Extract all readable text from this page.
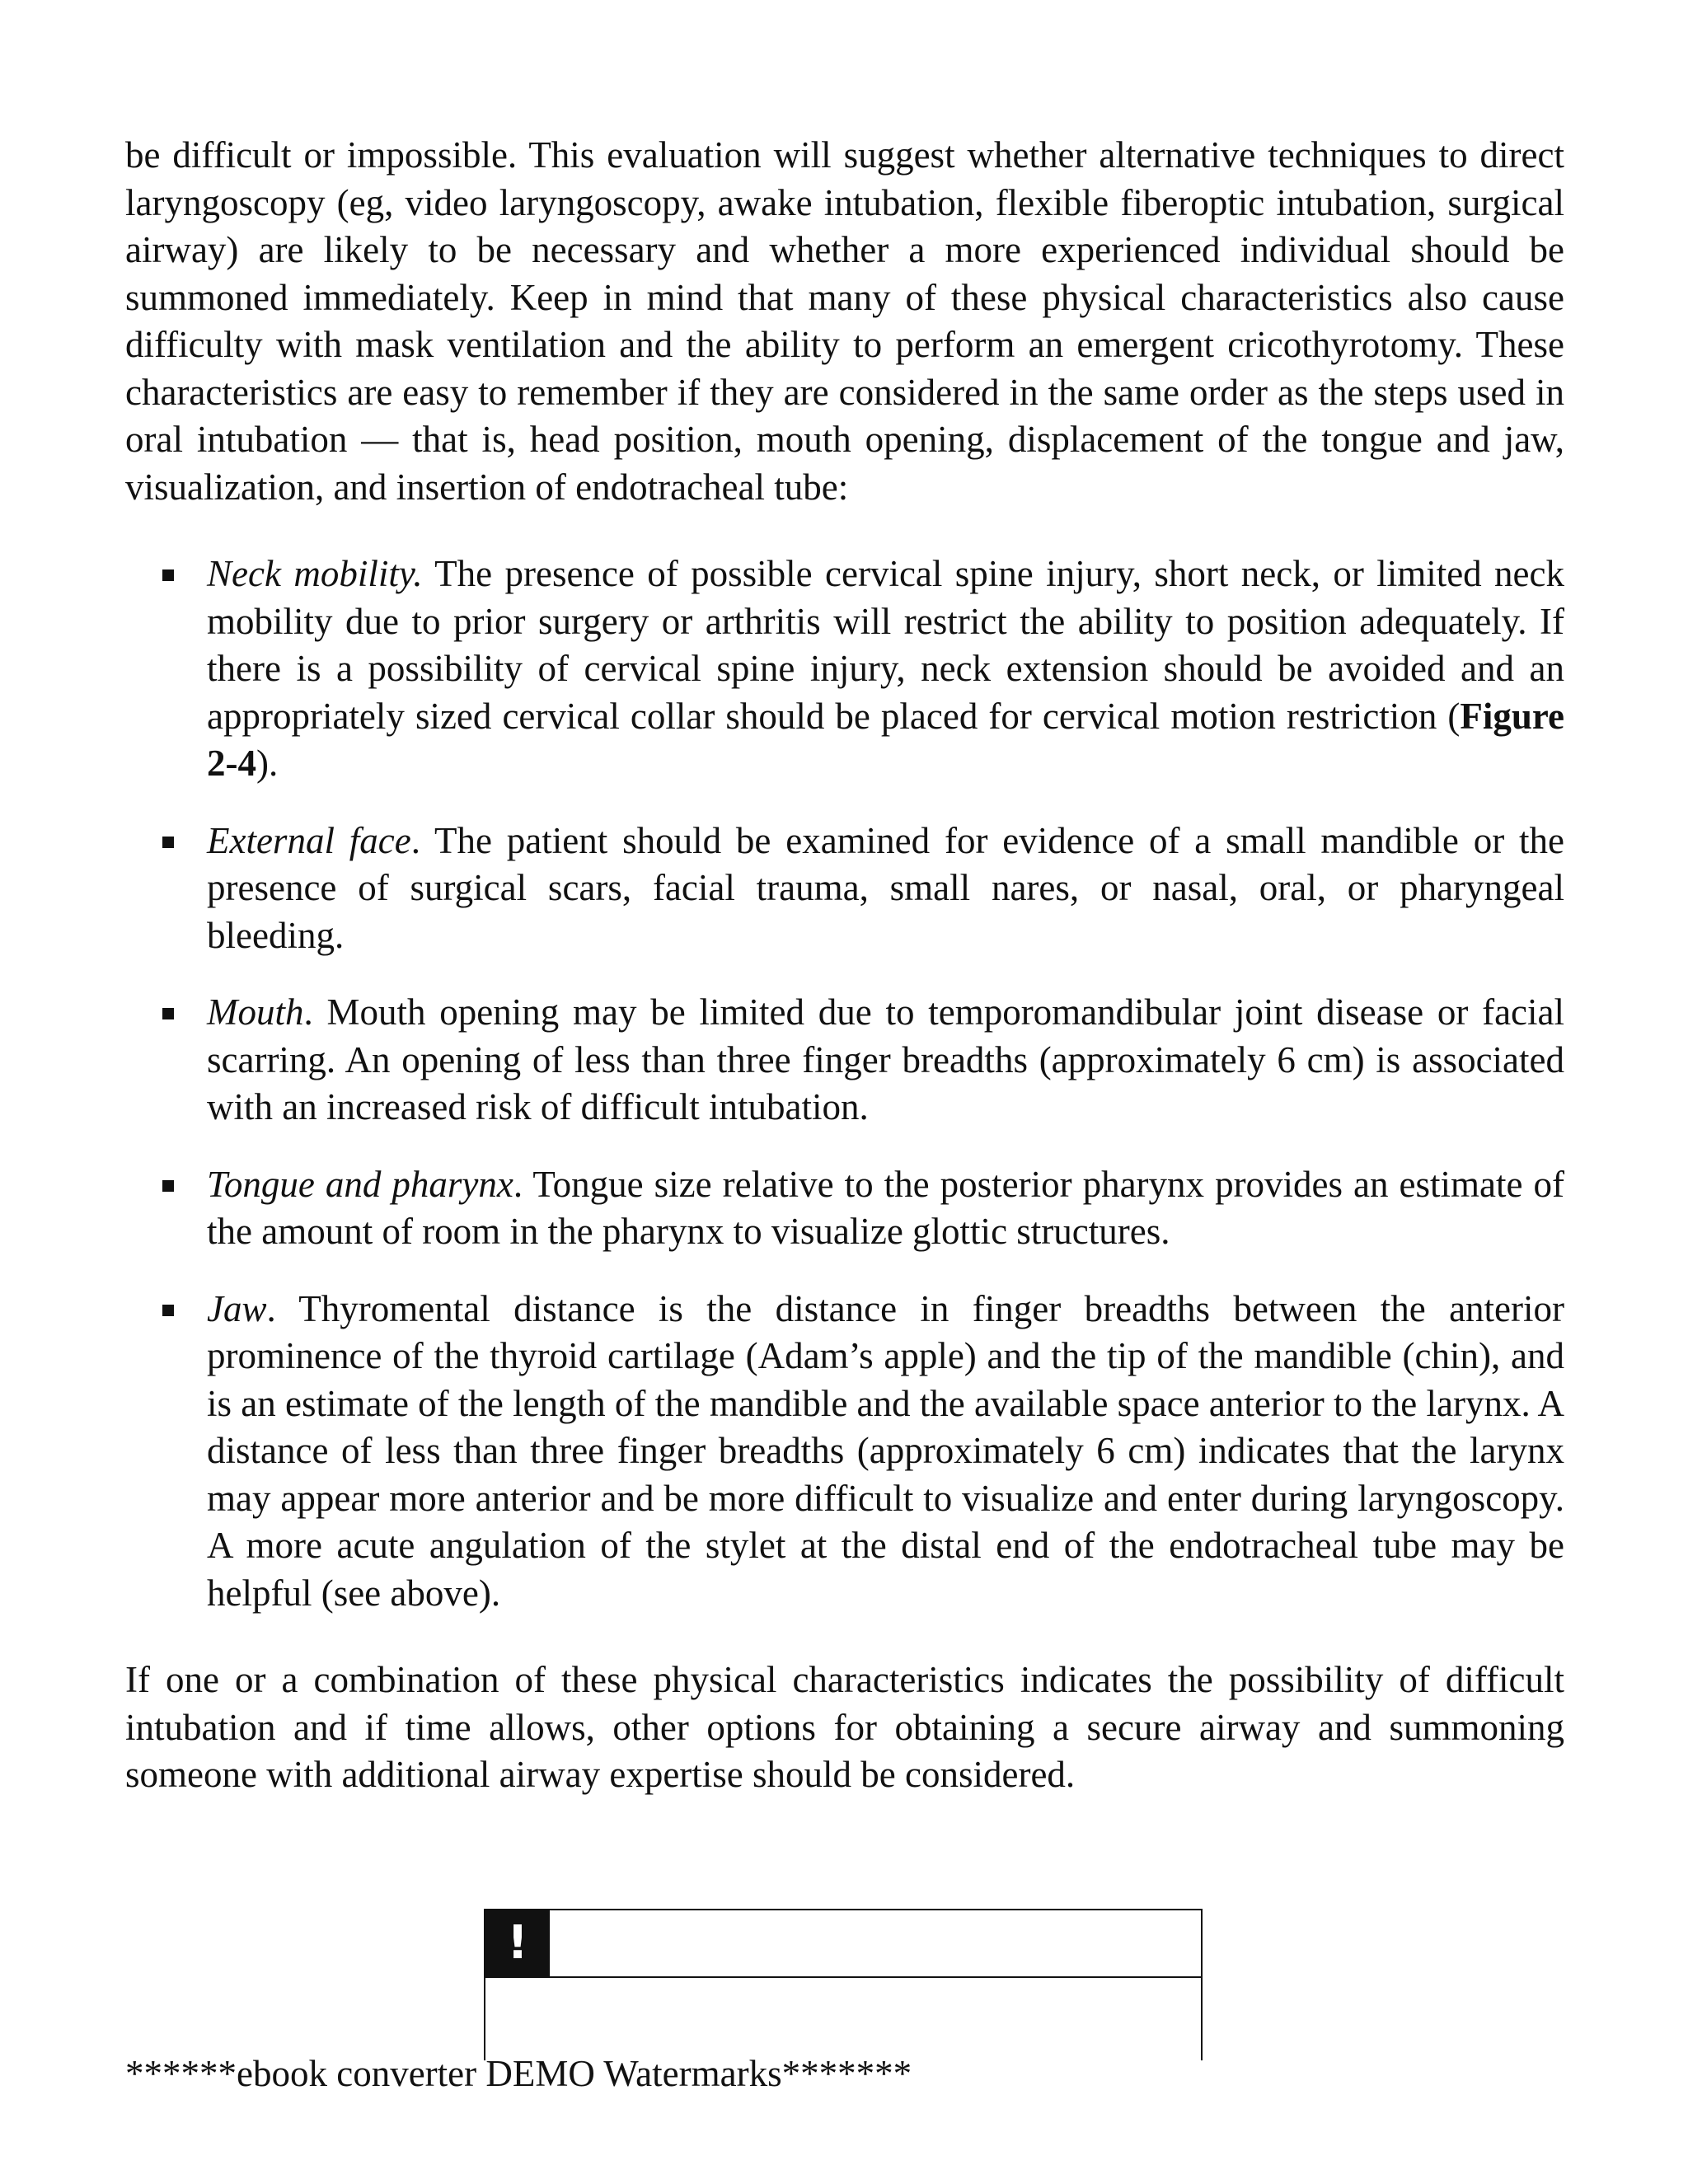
be difficult or impossible. This evaluation will suggest whether alternative techniques to direct laryngoscopy (eg, video laryngoscopy, awake intubation, flexible fiberoptic intubation, surgical airway) are likely to be necessary and whether a more experienced individual should be summoned immediately. Keep in mind that many of these physical characteristics also cause difficulty with mask ventilation and the ability to perform an emergent cricothyrotomy. These characteristics are easy to remember if they are considered in the same order as the steps used in oral intubation — that is, head position, mouth opening, displacement of the tongue and jaw, visualization, and insertion of endotracheal tube:

Neck mobility. The presence of possible cervical spine injury, short neck, or limited neck mobility due to prior surgery or arthritis will restrict the ability to position adequately. If there is a possibility of cervical spine injury, neck extension should be avoided and an appropriately sized cervical collar should be placed for cervical motion restriction (Figure 2-4).
External face. The patient should be examined for evidence of a small mandible or the presence of surgical scars, facial trauma, small nares, or nasal, oral, or pharyngeal bleeding.
Mouth. Mouth opening may be limited due to temporomandibular joint disease or facial scarring. An opening of less than three finger breadths (approximately 6 cm) is associated with an increased risk of difficult intubation.
Tongue and pharynx. Tongue size relative to the posterior pharynx provides an estimate of the amount of room in the pharynx to visualize glottic structures.
Jaw. Thyromental distance is the distance in finger breadths between the anterior prominence of the thyroid cartilage (Adam’s apple) and the tip of the mandible (chin), and is an estimate of the length of the mandible and the available space anterior to the larynx. A distance of less than three finger breadths (approximately 6 cm) indicates that the larynx may appear more anterior and be more difficult to visualize and enter during laryngoscopy. A more acute angulation of the stylet at the distal end of the endotracheal tube may be helpful (see above).

If one or a combination of these physical characteristics indicates the possibility of difficult intubation and if time allows, other options for obtaining a secure airway and summoning someone with additional airway expertise should be considered.

!
******ebook converter DEMO Watermarks*******
